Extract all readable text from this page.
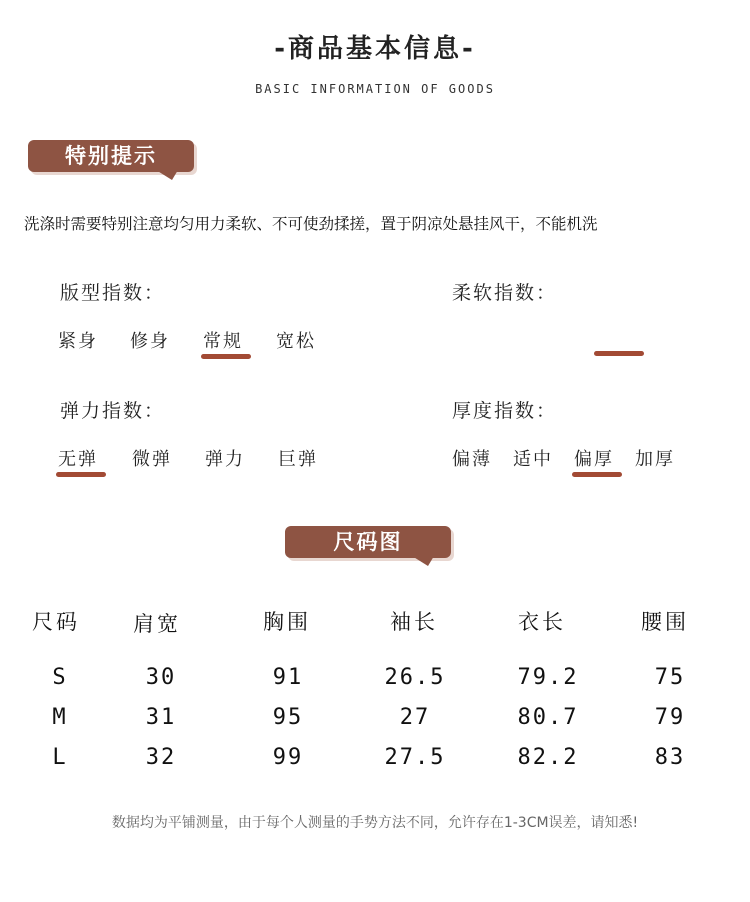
-商品基本信息-
BASIC INFORMATION OF GOODS
特别提示
洗涤时需要特别注意均匀用力柔软、不可使劲揉搓，置于阴凉处悬挂风干，不能机洗
版型指数：
紧身 修身 常规 宽松
柔软指数：
弹力指数：
无弹 微弹 弹力 巨弹
厚度指数：
偏薄 适中 偏厚 加厚
尺码图
尺码	肩宽	胸围	袖长	衣长	腰围
S	30	91	26.5	79.2	75
M	31	95	27	80.7	79
L	32	99	27.5	82.2	83
数据均为平铺测量，由于每个人测量的手势方法不同，允许存在1-3CM误差，请知悉!
